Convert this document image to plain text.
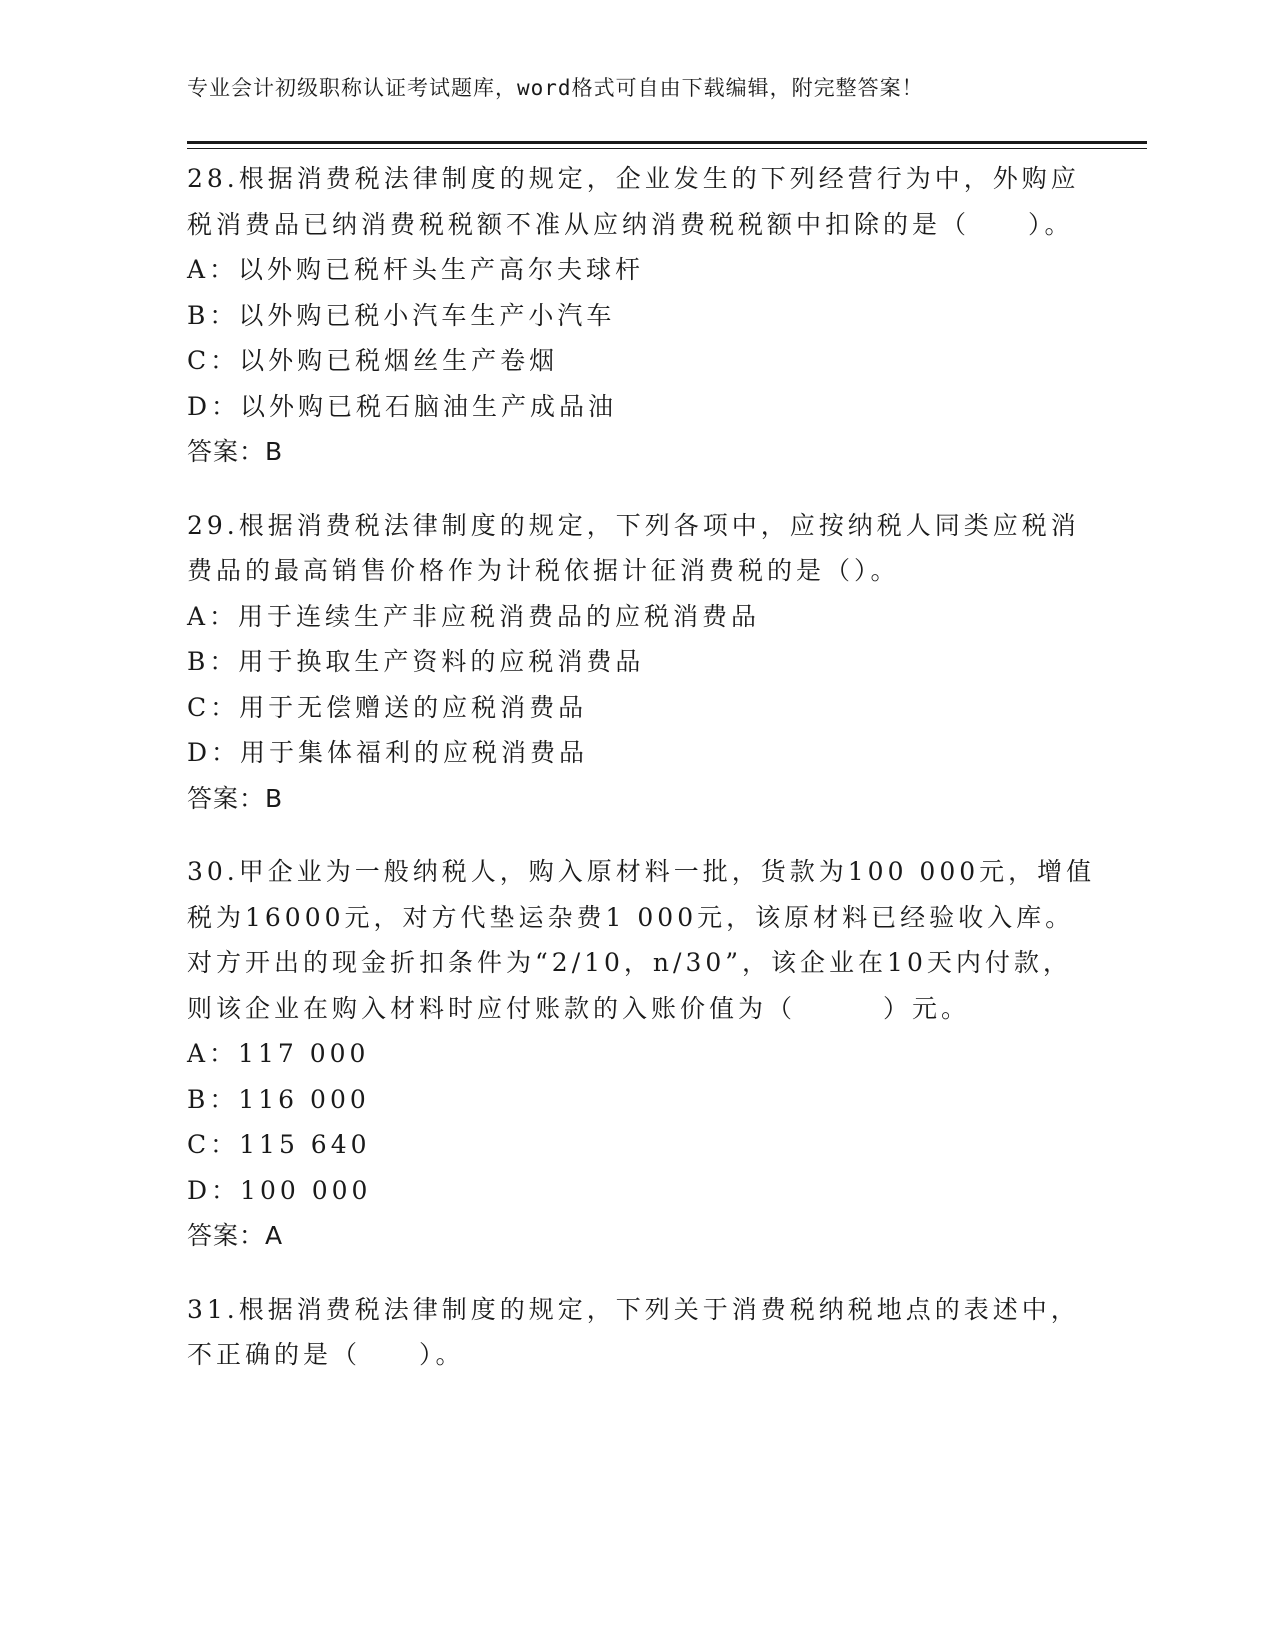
专业会计初级职称认证考试题库，word格式可自由下载编辑，附完整答案！
28.根据消费税法律制度的规定，企业发生的下列经营行为中，外购应
税消费品已纳消费税税额不准从应纳消费税税额中扣除的是（　　）。
A：以外购已税杆头生产高尔夫球杆
B：以外购已税小汽车生产小汽车
C：以外购已税烟丝生产卷烟
D：以外购已税石脑油生产成品油
答案：B
29.根据消费税法律制度的规定，下列各项中，应按纳税人同类应税消
费品的最高销售价格作为计税依据计征消费税的是（）。
A：用于连续生产非应税消费品的应税消费品
B：用于换取生产资料的应税消费品
C：用于无偿赠送的应税消费品
D：用于集体福利的应税消费品
答案：B
30.甲企业为一般纳税人，购入原材料一批，货款为100 000元，增值
税为16000元，对方代垫运杂费1 000元，该原材料已经验收入库。
对方开出的现金折扣条件为“2/10，n/30”，该企业在10天内付款，
则该企业在购入材料时应付账款的入账价值为（　　　）元。
A：117 000
B：116 000
C：115 640
D：100 000
答案：A
31.根据消费税法律制度的规定，下列关于消费税纳税地点的表述中，
不正确的是（　　）。
